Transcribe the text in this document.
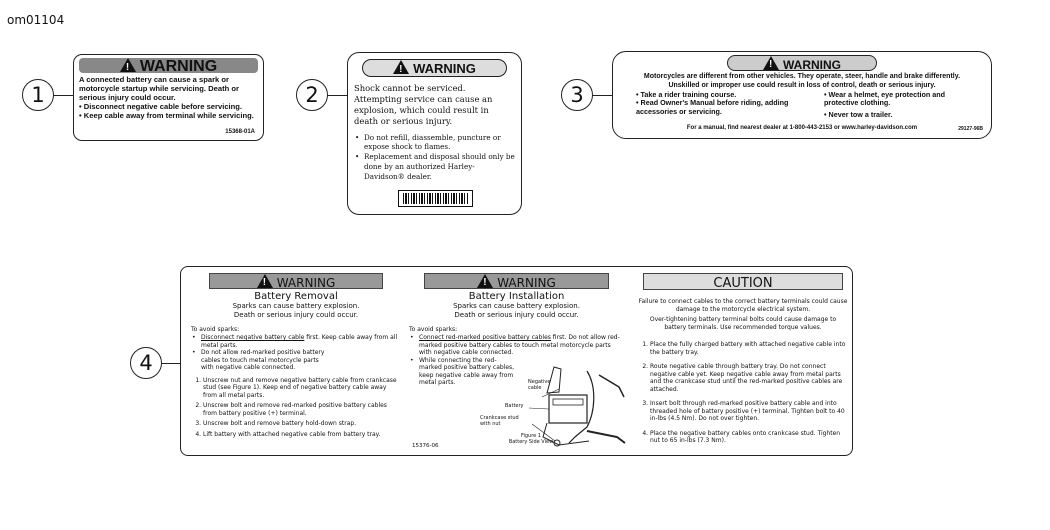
om01104
1
!WARNING
A connected battery can cause a spark or motorcycle startup while servicing. Death or serious injury could occur.
• Disconnect negative cable before servicing.
• Keep cable away from terminal while servicing.
15368-01A
2
!WARNING
Shock cannot be serviced. Attempting service can cause an explosion, which could result in death or serious injury.
• Do not refill, diassemble, puncture or expose shock to flames.
• Replacement and disposal should only be done by an authorized Harley-Davidson® dealer.
3
!WARNING
Motorcycles are different from other vehicles. They operate, steer, handle and brake differently.
Unskilled or improper use could result in loss of control, death or serious injury.
• Take a rider training course.
• Read Owner's Manual before riding, adding accessories or servicing.
• Wear a helmet, eye protection and protective clothing.
• Never tow a trailer.
For a manual, find nearest dealer at 1-800-443-2153 or www.harley-davidson.com	29127-96B
4
!WARNING
Battery Removal
Sparks can cause battery explosion. Death or serious injury could occur.
To avoid sparks:
• Disconnect negative battery cable first. Keep cable away from all metal parts.
• Do not allow red-marked positive battery cables to touch metal motorcycle parts with negative cable connected.
1. Unscrew nut and remove negative battery cable from crankcase stud (see Figure 1). Keep end of negative battery cable away from all metal parts.
2. Unscrew bolt and remove red-marked positive battery cables from battery positive (+) terminal.
3. Unscrew bolt and remove battery hold-down strap.
4. Lift battery with attached negative cable from battery tray.
!WARNING
Battery Installation
Sparks can cause battery explosion. Death or serious injury could occur.
To avoid sparks:
• Connect red-marked positive battery cables first. Do not allow red-marked positive battery cables to touch metal motorcycle parts with negative cable connected.
• While connecting the red-marked positive battery cables, keep negative cable away from metal parts.	Negative cable
Battery
Crankcase stud with nut
Figure 1
Battery Side View
15376-06
CAUTION
Failure to connect cables to the correct battery terminals could cause damage to the motorcycle electrical system.
Over-tightening battery terminal bolts could cause damage to battery terminals. Use recommended torque values.
1. Place the fully charged battery with attached negative cable into the battery tray.
2. Route negative cable through battery tray. Do not connect negative cable yet. Keep negative cable away from metal parts and the crankcase stud until the red-marked positive cables are attached.
3. Insert bolt through red-marked positive battery cable and into threaded hole of battery positive (+) terminal. Tighten bolt to 40 in-lbs (4.5 Nm). Do not over tighten.
4. Place the negative battery cables onto crankcase stud. Tighten nut to 65 in-lbs (7.3 Nm).
